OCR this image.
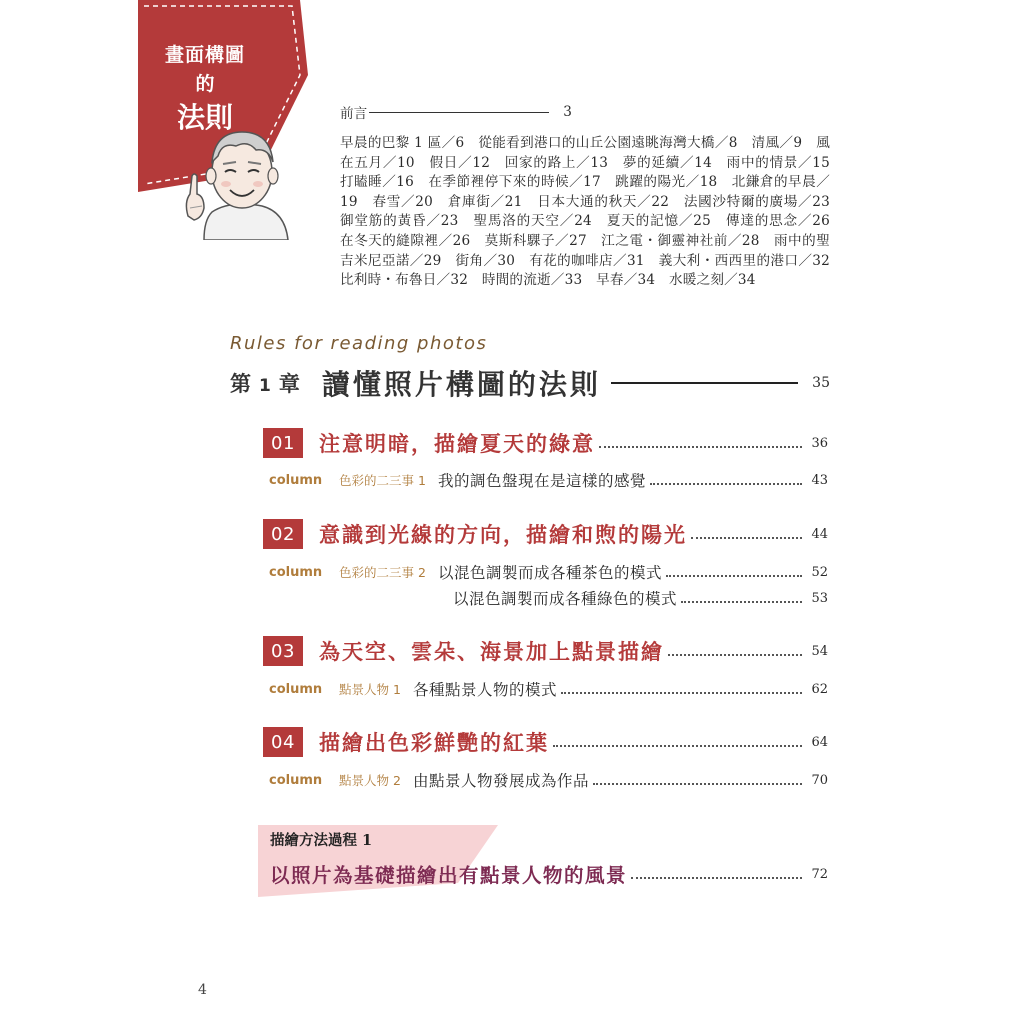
畫面構圖
的
法則	前言	3
早晨的巴黎 1 區／6　從能看到港口的山丘公園遠眺海灣大橋／8　清風／9　風在五月／10　假日／12　回家的路上／13　夢的延續／14　雨中的情景／15　打瞌睡／16　在季節裡停下來的時候／17　跳躍的陽光／18　北鎌倉的早晨／19　春雪／20　倉庫街／21　日本大通的秋天／22　法國沙特爾的廣場／23　御堂筋的黃昏／23　聖馬洛的天空／24　夏天的記憶／25　傳達的思念／26　在冬天的縫隙裡／26　莫斯科騍子／27　江之電・御靈神社前／28　雨中的聖吉米尼亞諾／29　街角／30　有花的咖啡店／31　義大利・西西里的港口／32　比利時・布魯日／32　時間的流逝／33　早春／34　水暖之刻／34
Rules for reading photos
第 1 章 讀懂照片構圖的法則	35
01	注意明暗，描繪夏天的綠意	36
column	色彩的二三事 1 我的調色盤現在是這樣的感覺	43
02	意識到光線的方向，描繪和煦的陽光	44
column	色彩的二三事 2 以混色調製而成各種茶色的模式	52
以混色調製而成各種綠色的模式	53
03	為天空、雲朵、海景加上點景描繪	54
column	點景人物 1 各種點景人物的模式	62
04	描繪出色彩鮮艷的紅葉	64
column	點景人物 2 由點景人物發展成為作品	70
描繪方法過程 1
以照片為基礎描繪出有點景人物的風景	72
4
